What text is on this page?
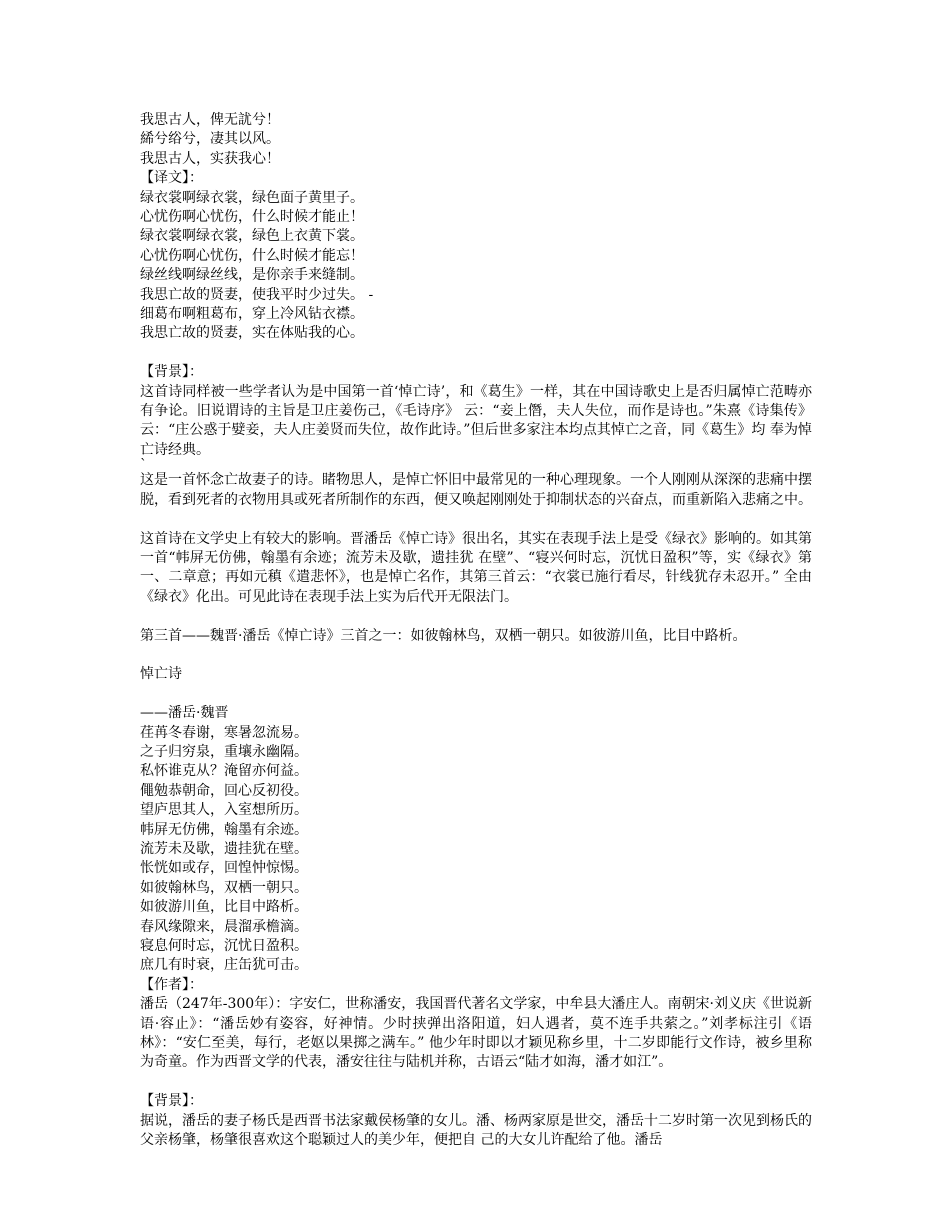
我思古人，俾无訧兮！
絺兮绤兮，凄其以风。
我思古人，实获我心！
【译文】：
绿衣裳啊绿衣裳，绿色面子黄里子。
心忧伤啊心忧伤，什么时候才能止！
绿衣裳啊绿衣裳，绿色上衣黄下裳。
心忧伤啊心忧伤，什么时候才能忘！
绿丝线啊绿丝线，是你亲手来缝制。
我思亡故的贤妻，使我平时少过失。 -
细葛布啊粗葛布，穿上冷风钻衣襟。
我思亡故的贤妻，实在体贴我的心。
【背景】：

这首诗同样被一些学者认为是中国第一首‘悼亡诗’，和《葛生》一样，其在中国诗歌史上是否归属悼亡范畴亦有争论。旧说谓诗的主旨是卫庄姜伤己，《毛诗序》 云：“妾上僭，夫人失位，而作是诗也。”朱熹《诗集传》云：“庄公惑于嬖妾，夫人庄姜贤而失位，故作此诗。”但后世多家注本均点其悼亡之音，同《葛生》均 奉为悼亡诗经典。

`

这是一首怀念亡故妻子的诗。睹物思人，是悼亡怀旧中最常见的一种心理现象。一个人刚刚从深深的悲痛中摆脱，看到死者的衣物用具或死者所制作的东西，便又唤起刚刚处于抑制状态的兴奋点，而重新陷入悲痛之中。

这首诗在文学史上有较大的影响。晋潘岳《悼亡诗》很出名，其实在表现手法上是受《绿衣》影响的。如其第一首“帏屏无仿佛，翰墨有余迹；流芳未及歇，遗挂犹 在壁”、“寝兴何时忘，沉忧日盈积”等，实《绿衣》第一、二章意；再如元稹《遣悲怀》，也是悼亡名作，其第三首云：“衣裳已施行看尽，针线犹存未忍开。” 全由《绿衣》化出。可见此诗在表现手法上实为后代开无限法门。

第三首——魏晋·潘岳《悼亡诗》三首之一：如彼翰林鸟，双栖一朝只。如彼游川鱼，比目中路析。

悼亡诗
——潘岳·魏晋
荏苒冬春谢，寒暑忽流易。
之子归穷泉，重壤永幽隔。
私怀谁克从？淹留亦何益。
僶勉恭朝命，回心反初役。
望庐思其人，入室想所历。
帏屏无仿佛，翰墨有余迹。
流芳未及歇，遗挂犹在壁。
怅恍如或存，回惶忡惊惕。
如彼翰林鸟，双栖一朝只。
如彼游川鱼，比目中路析。
春风缘隙来，晨溜承檐滴。
寝息何时忘，沉忧日盈积。
庶几有时衰，庄缶犹可击。
【作者】：

潘岳（247年-300年）：字安仁，世称潘安，我国晋代著名文学家，中牟县大潘庄人。南朝宋·刘义庆《世说新语·容止》：“潘岳妙有姿容，好神情。少时挟弹出洛阳道，妇人遇者，莫不连手共萦之。”刘孝标注引《语林》：“安仁至美，每行，老妪以果掷之满车。” 他少年时即以才颖见称乡里，十二岁即能行文作诗，被乡里称为奇童。作为西晋文学的代表，潘安往往与陆机并称，古语云“陆才如海，潘才如江”。

【背景】：

据说，潘岳的妻子杨氏是西晋书法家戴侯杨肇的女儿。潘、杨两家原是世交，潘岳十二岁时第一次见到杨氏的父亲杨肇，杨肇很喜欢这个聪颖过人的美少年，便把自 己的大女儿许配给了他。潘岳
